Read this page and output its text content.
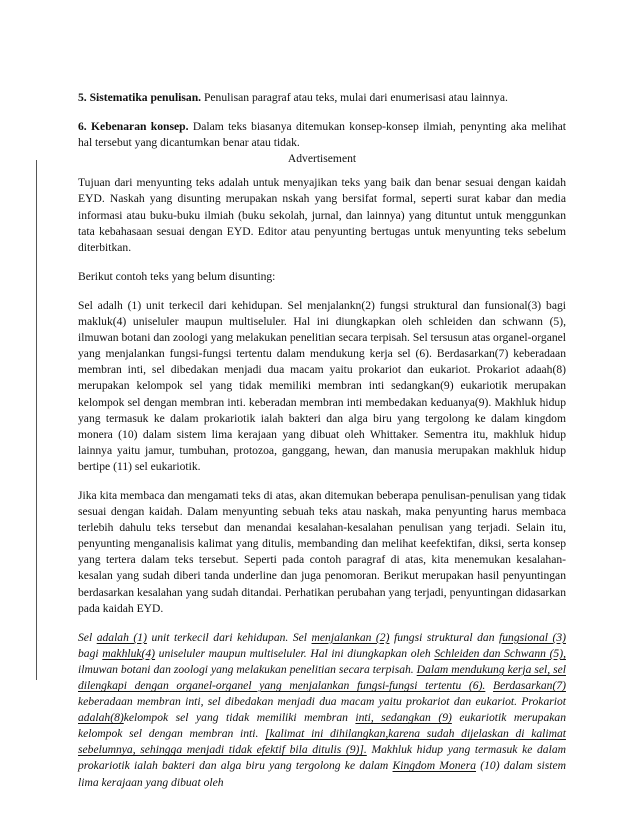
5. Sistematika penulisan. Penulisan paragraf atau teks, mulai dari enumerisasi atau lainnya.

6. Kebenaran konsep. Dalam teks biasanya ditemukan konsep-konsep ilmiah, penynting aka melihat hal tersebut yang dicantumkan benar atau tidak.

Advertisement

Tujuan dari menyunting teks adalah untuk menyajikan teks yang baik dan benar sesuai dengan kaidah EYD. Naskah yang disunting merupakan nskah yang bersifat formal, seperti surat kabar dan media informasi atau buku-buku ilmiah (buku sekolah, jurnal, dan lainnya) yang dituntut untuk menggunkan tata kebahasaan sesuai dengan EYD. Editor atau penyunting bertugas untuk menyunting teks sebelum diterbitkan.

Berikut contoh teks yang belum disunting:

Sel adalh (1) unit terkecil dari kehidupan. Sel menjalankn(2) fungsi struktural dan funsional(3) bagi makluk(4) uniseluler maupun multiseluler. Hal ini diungkapkan oleh schleiden dan schwann (5), ilmuwan botani dan zoologi yang melakukan penelitian secara terpisah. Sel tersusun atas organel-organel yang menjalankan fungsi-fungsi tertentu dalam mendukung kerja sel (6). Berdasarkan(7) keberadaan membran inti, sel dibedakan menjadi dua macam yaitu prokariot dan eukariot. Prokariot adaah(8) merupakan kelompok sel yang tidak memiliki membran inti sedangkan(9) eukariotik merupakan kelompok sel dengan membran inti. keberadan membran inti membedakan keduanya(9). Makhluk hidup yang termasuk ke dalam prokariotik ialah bakteri dan alga biru yang tergolong ke dalam kingdom monera (10) dalam sistem lima kerajaan yang dibuat oleh Whittaker. Sementra itu, makhluk hidup lainnya yaitu jamur, tumbuhan, protozoa, ganggang, hewan, dan manusia merupakan makhluk hidup bertipe (11) sel eukariotik.

Jika kita membaca dan mengamati teks di atas, akan ditemukan beberapa penulisan-penulisan yang tidak sesuai dengan kaidah. Dalam menyunting sebuah teks atau naskah, maka penyunting harus membaca terlebih dahulu teks tersebut dan menandai kesalahan-kesalahan penulisan yang terjadi. Selain itu, penyunting menganalisis kalimat yang ditulis, membanding dan melihat keefektifan, diksi, serta konsep yang tertera dalam teks tersebut. Seperti pada contoh paragraf di atas, kita menemukan kesalahan-kesalan yang sudah diberi tanda underline dan juga penomoran. Berikut merupakan hasil penyuntingan berdasarkan kesalahan yang sudah ditandai. Perhatikan perubahan yang terjadi, penyuntingan didasarkan pada kaidah EYD.

Sel adalah (1) unit terkecil dari kehidupan. Sel menjalankan (2) fungsi struktural dan fungsional (3) bagi makhluk(4) uniseluler maupun multiseluler. Hal ini diungkapkan oleh Schleiden dan Schwann (5), ilmuwan botani dan zoologi yang melakukan penelitian secara terpisah. Dalam mendukung kerja sel, sel dilengkapi dengan organel-organel yang menjalankan fungsi-fungsi tertentu (6). Berdasarkan(7) keberadaan membran inti, sel dibedakan menjadi dua macam yaitu prokariot dan eukariot. Prokariot adalah(8)kelompok sel yang tidak memiliki membran inti, sedangkan (9) eukariotik merupakan kelompok sel dengan membran inti. [kalimat ini dihilangkan,karena sudah dijelaskan di kalimat sebelumnya, sehingga menjadi tidak efektif bila ditulis (9)]. Makhluk hidup yang termasuk ke dalam prokariotik ialah bakteri dan alga biru yang tergolong ke dalam Kingdom Monera (10) dalam sistem lima kerajaan yang dibuat oleh
